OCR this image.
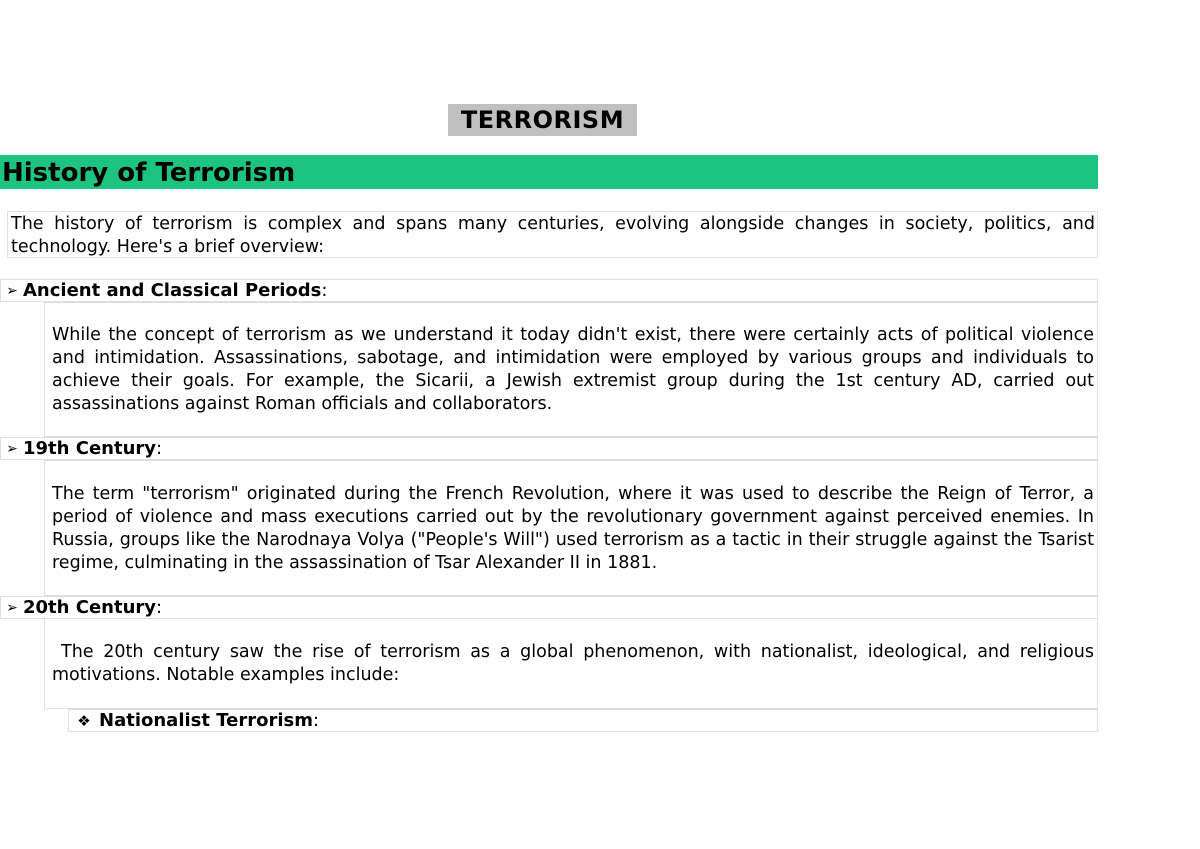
TERRORISM
History of Terrorism

The history of terrorism is complex and spans many centuries, evolving alongside changes in society, politics, and technology. Here's a brief overview:

➢ Ancient and Classical Periods:

While the concept of terrorism as we understand it today didn't exist, there were certainly acts of political violence and intimidation. Assassinations, sabotage, and intimidation were employed by various groups and individuals to achieve their goals. For example, the Sicarii, a Jewish extremist group during the 1st century AD, carried out assassinations against Roman officials and collaborators.

➢ 19th Century:

The term "terrorism" originated during the French Revolution, where it was used to describe the Reign of Terror, a period of violence and mass executions carried out by the revolutionary government against perceived enemies. In Russia, groups like the Narodnaya Volya ("People's Will") used terrorism as a tactic in their struggle against the Tsarist regime, culminating in the assassination of Tsar Alexander II in 1881.

➢ 20th Century:

The 20th century saw the rise of terrorism as a global phenomenon, with nationalist, ideological, and religious motivations. Notable examples include:

❖ Nationalist Terrorism:
